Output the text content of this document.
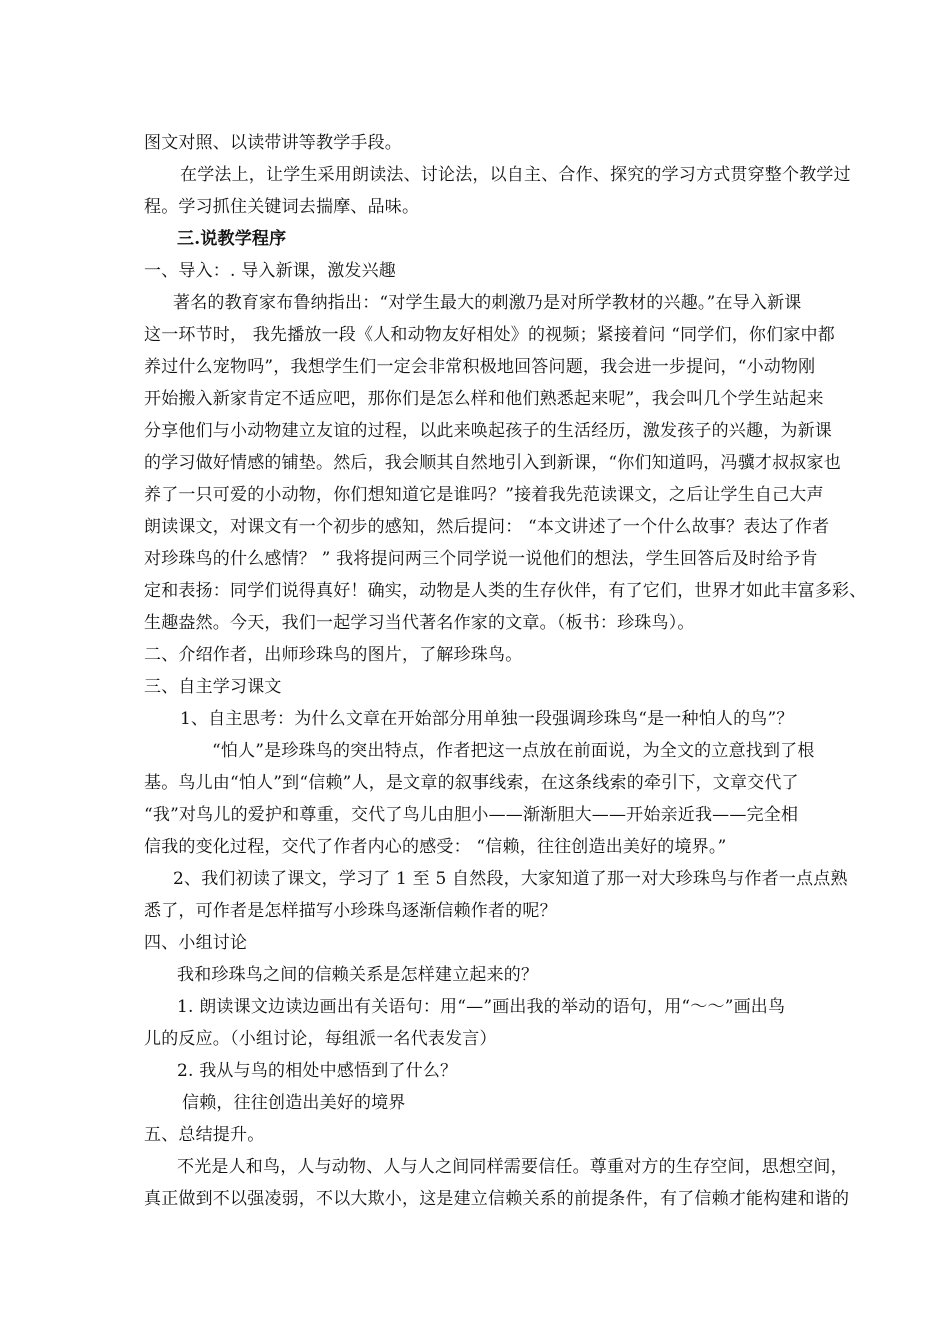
图文对照、以读带讲等教学手段。
在学法上，让学生采用朗读法、讨论法，以自主、合作、探究的学习方式贯穿整个教学过
程。学习抓住关键词去揣摩、品味。
三.说教学程序
一、导入：. 导入新课，激发兴趣
著名的教育家布鲁纳指出：“对学生最大的刺激乃是对所学教材的兴趣。”在导入新课
这一环节时， 我先播放一段《人和动物友好相处》的视频；紧接着问 “同学们，你们家中都
养过什么宠物吗”，我想学生们一定会非常积极地回答问题，我会进一步提问，“小动物刚
开始搬入新家肯定不适应吧，那你们是怎么样和他们熟悉起来呢”，我会叫几个学生站起来
分享他们与小动物建立友谊的过程，以此来唤起孩子的生活经历，激发孩子的兴趣，为新课
的学习做好情感的铺垫。然后，我会顺其自然地引入到新课，“你们知道吗，冯骥才叔叔家也
养了一只可爱的小动物，你们想知道它是谁吗？”接着我先范读课文，之后让学生自己大声
朗读课文，对课文有一个初步的感知，然后提问： “本文讲述了一个什么故事？表达了作者
对珍珠鸟的什么感情？ ” 我将提问两三个同学说一说他们的想法，学生回答后及时给予肯
定和表扬：同学们说得真好！确实，动物是人类的生存伙伴，有了它们，世界才如此丰富多彩、
生趣盎然。今天，我们一起学习当代著名作家的文章。（板书：珍珠鸟）。
二、介绍作者，出师珍珠鸟的图片，了解珍珠鸟。
三、自主学习课文
1、自主思考：为什么文章在开始部分用单独一段强调珍珠鸟“是一种怕人的鸟”？
“怕人”是珍珠鸟的突出特点，作者把这一点放在前面说，为全文的立意找到了根
基。鸟儿由“怕人”到“信赖”人，是文章的叙事线索，在这条线索的牵引下，文章交代了
“我”对鸟儿的爱护和尊重，交代了鸟儿由胆小——渐渐胆大——开始亲近我——完全相
信我的变化过程，交代了作者内心的感受： “信赖，往往创造出美好的境界。”
2、我们初读了课文，学习了 1 至 5 自然段，大家知道了那一对大珍珠鸟与作者一点点熟
悉了，可作者是怎样描写小珍珠鸟逐渐信赖作者的呢？
四、小组讨论
我和珍珠鸟之间的信赖关系是怎样建立起来的？
1. 朗读课文边读边画出有关语句：用“—”画出我的举动的语句，用“～～”画出鸟
儿的反应。（小组讨论，每组派一名代表发言）
2. 我从与鸟的相处中感悟到了什么？
信赖，往往创造出美好的境界
五、总结提升。
不光是人和鸟，人与动物、人与人之间同样需要信任。尊重对方的生存空间，思想空间，
真正做到不以强凌弱，不以大欺小，这是建立信赖关系的前提条件，有了信赖才能构建和谐的
